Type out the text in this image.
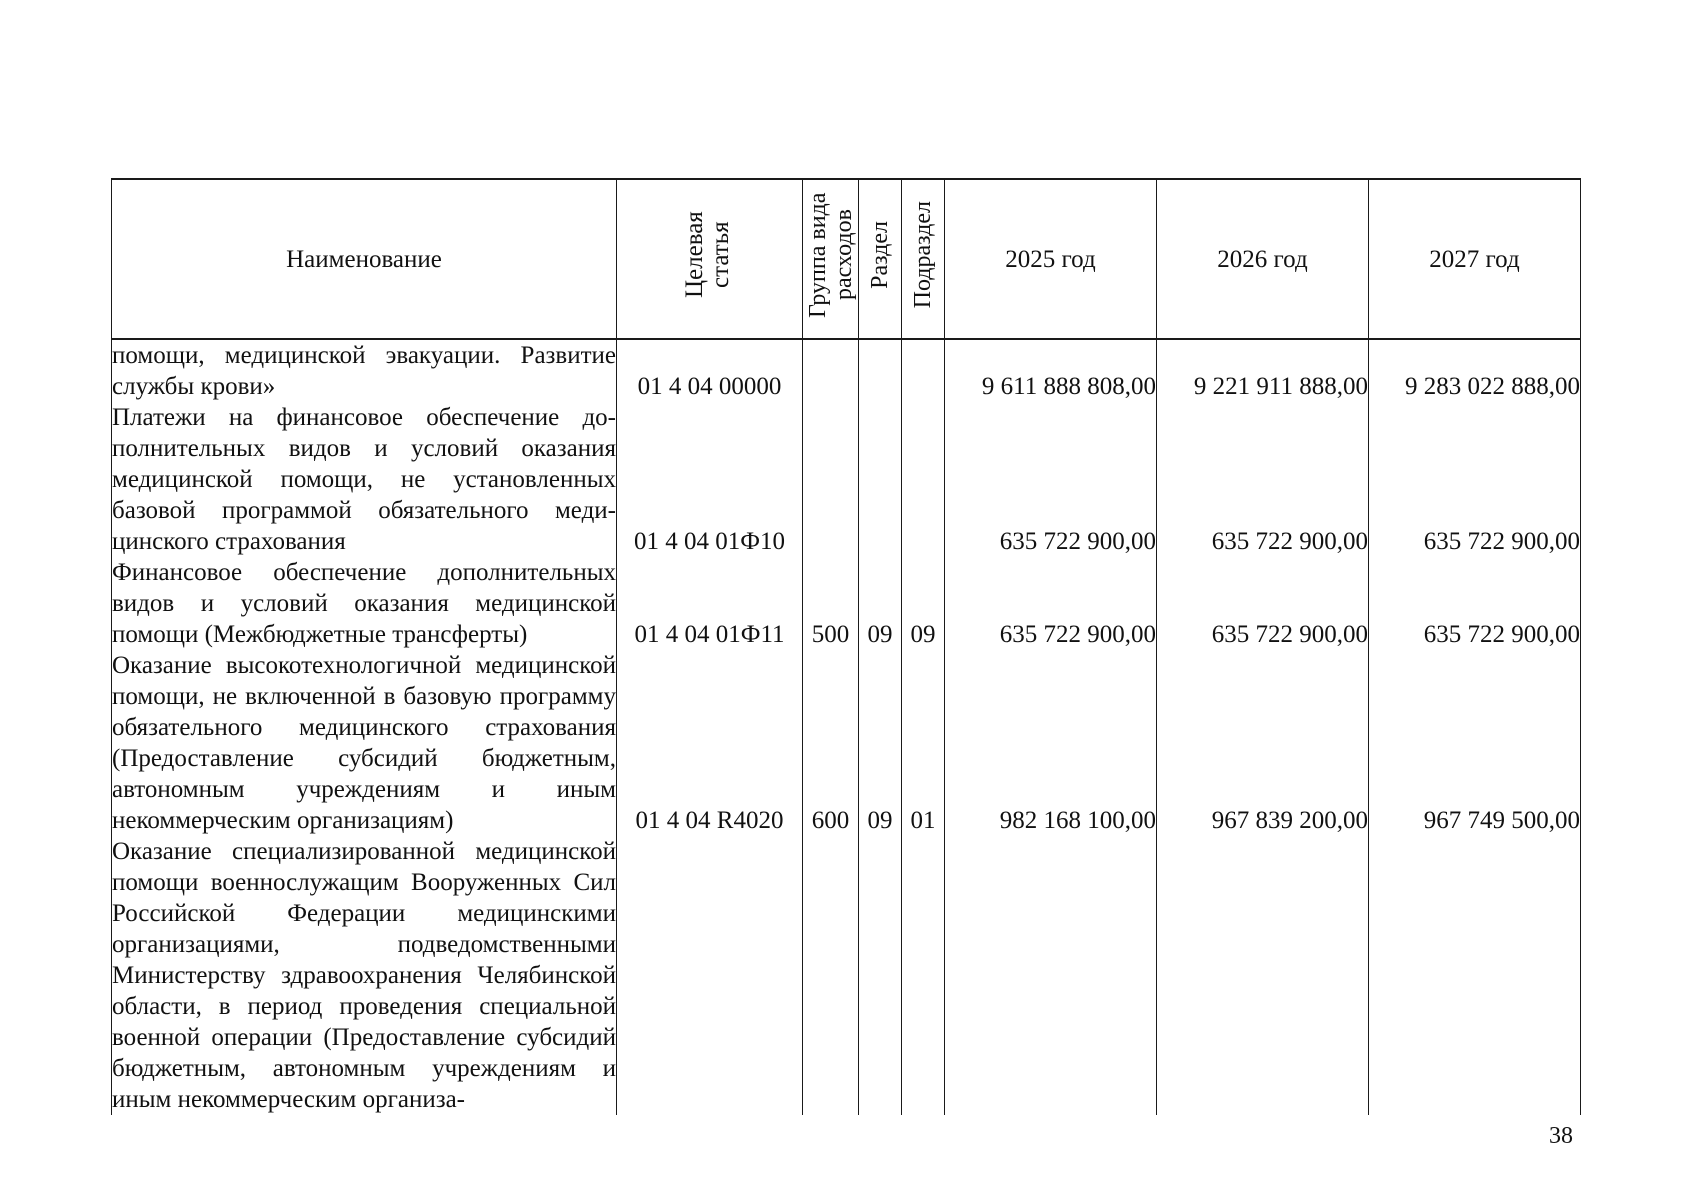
Наименование	Целевая статья	Группа вида расходов	Раздел	Подраздел	2025 год	2026 год	2027 год
помощи, медицинской эвакуации. Развитие службы крови»	01 4 04 00000				9 611 888 808,00	9 221 911 888,00	9 283 022 888,00
Платежи на финансовое обеспечение дополнительных видов и условий оказания медицинской помощи, не установленных базовой программой обязательного медицинского страхования	01 4 04 01Ф10				635 722 900,00	635 722 900,00	635 722 900,00
Финансовое обеспечение дополнительных видов и условий оказания медицинской помощи (Межбюджетные трансферты)	01 4 04 01Ф11	500	09	09	635 722 900,00	635 722 900,00	635 722 900,00
Оказание высокотехнологичной медицинской помощи, не включенной в базовую программу обязательного медицинского страхования (Предоставление субсидий бюджетным, автономным учреждениям и иным некоммерческим организациям)	01 4 04 R4020	600	09	01	982 168 100,00	967 839 200,00	967 749 500,00
Оказание специализированной медицинской помощи военнослужащим Вооруженных Сил Российской Федерации медицинскими организациями, подведомственными Министерству здравоохранения Челябинской области, в период проведения специальной военной операции (Предоставление субсидий бюджетным, автономным учреждениям и иным некоммерческим организа-							
38
